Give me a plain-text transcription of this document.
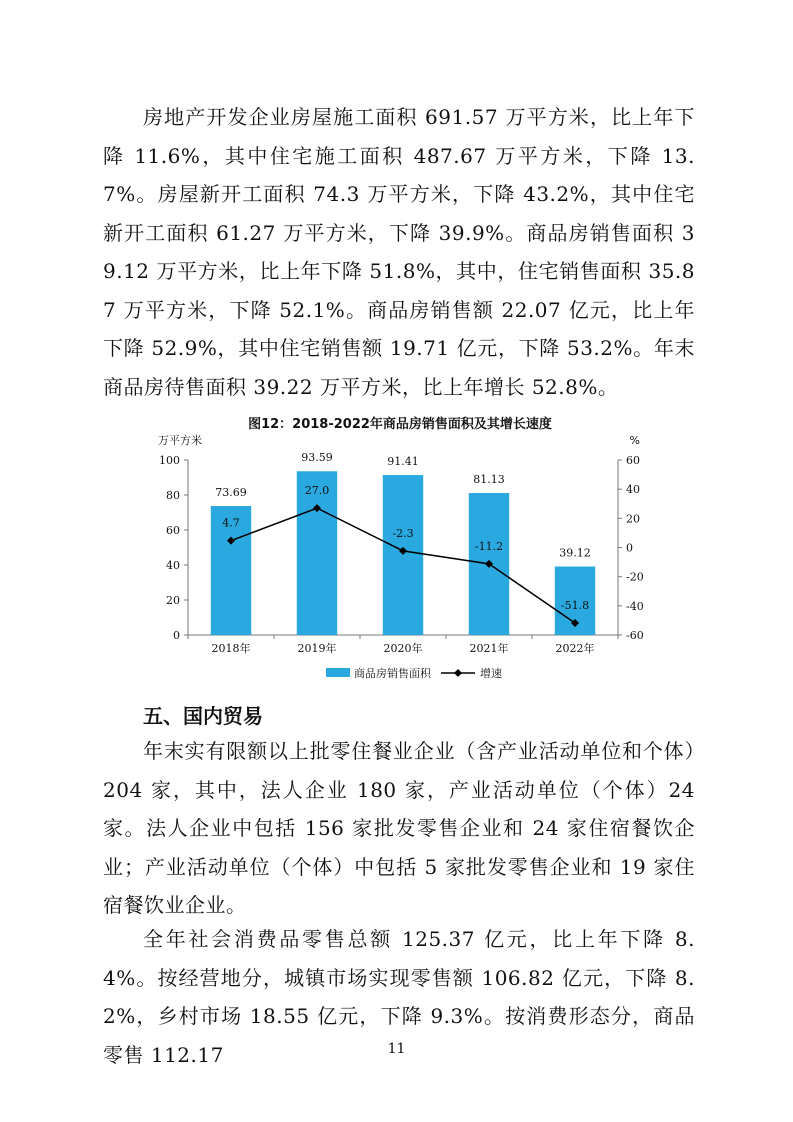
房地产开发企业房屋施工面积 691.57 万平方米，比上年下降 11.6%，其中住宅施工面积 487.67 万平方米，下降 13.7%。房屋新开工面积 74.3 万平方米，下降 43.2%，其中住宅新开工面积 61.27 万平方米，下降 39.9%。商品房销售面积 39.12 万平方米，比上年下降 51.8%，其中，住宅销售面积 35.87 万平方米，下降 52.1%。商品房销售额 22.07 亿元，比上年下降 52.9%，其中住宅销售额 19.71 亿元，下降 53.2%。年末商品房待售面积 39.22 万平方米，比上年增长 52.8%。

图12：2018-2022年商品房销售面积及其增长速度
万平方米	%
0
20
40
60
80
100
-60
-40
-20
0
20
40
60
73.69
2018年
93.59
2019年
91.41
2020年
81.13
2021年
39.12
2022年
4.7
27.0
-2.3
-11.2
-51.8
商品房销售面积	增速
五、国内贸易

年末实有限额以上批零住餐业企业（含产业活动单位和个体）204 家，其中，法人企业 180 家，产业活动单位（个体）24 家。法人企业中包括 156 家批发零售企业和 24 家住宿餐饮企业；产业活动单位（个体）中包括 5 家批发零售企业和 19 家住宿餐饮业企业。

全年社会消费品零售总额 125.37 亿元，比上年下降 8.4%。按经营地分，城镇市场实现零售额 106.82 亿元，下降 8.2%，乡村市场 18.55 亿元，下降 9.3%。按消费形态分，商品零售 112.17	11
